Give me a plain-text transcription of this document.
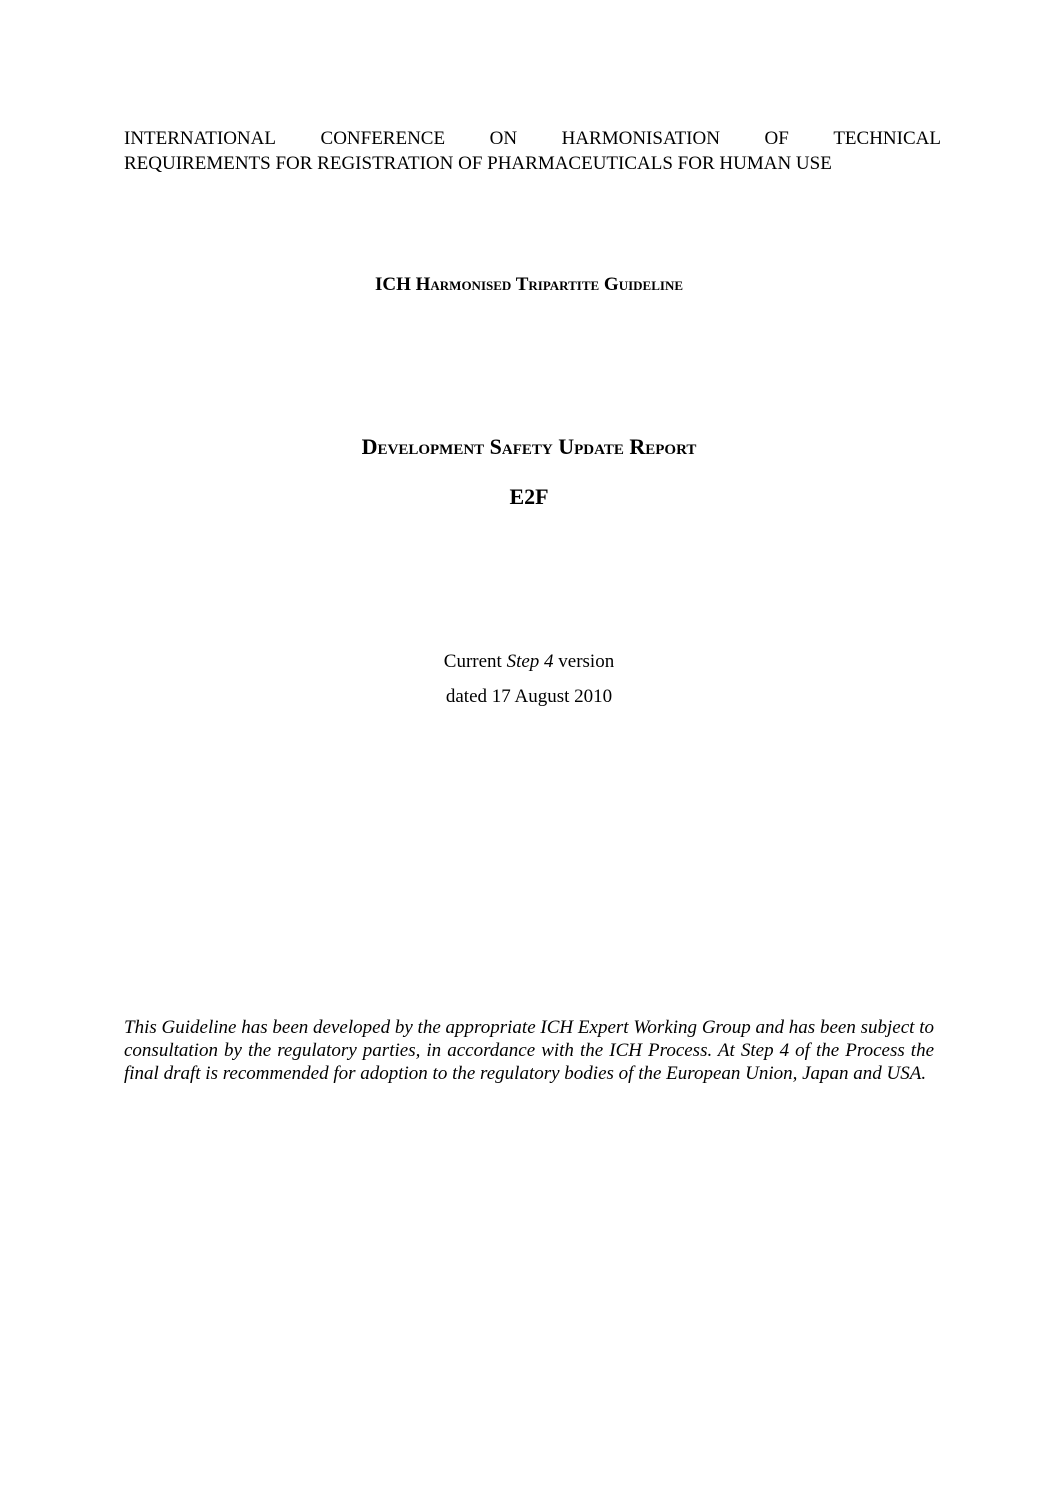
INTERNATIONAL CONFERENCE ON HARMONISATION OF TECHNICAL
REQUIREMENTS FOR REGISTRATION OF PHARMACEUTICALS FOR HUMAN USE
ICH Harmonised Tripartite Guideline
Development Safety Update Report
E2F
Current Step 4 version
dated 17 August 2010
This Guideline has been developed by the appropriate ICH Expert Working Group and has been subject to consultation by the regulatory parties, in accordance with the ICH Process. At Step 4 of the Process the final draft is recommended for adoption to the regulatory bodies of the European Union, Japan and USA.
